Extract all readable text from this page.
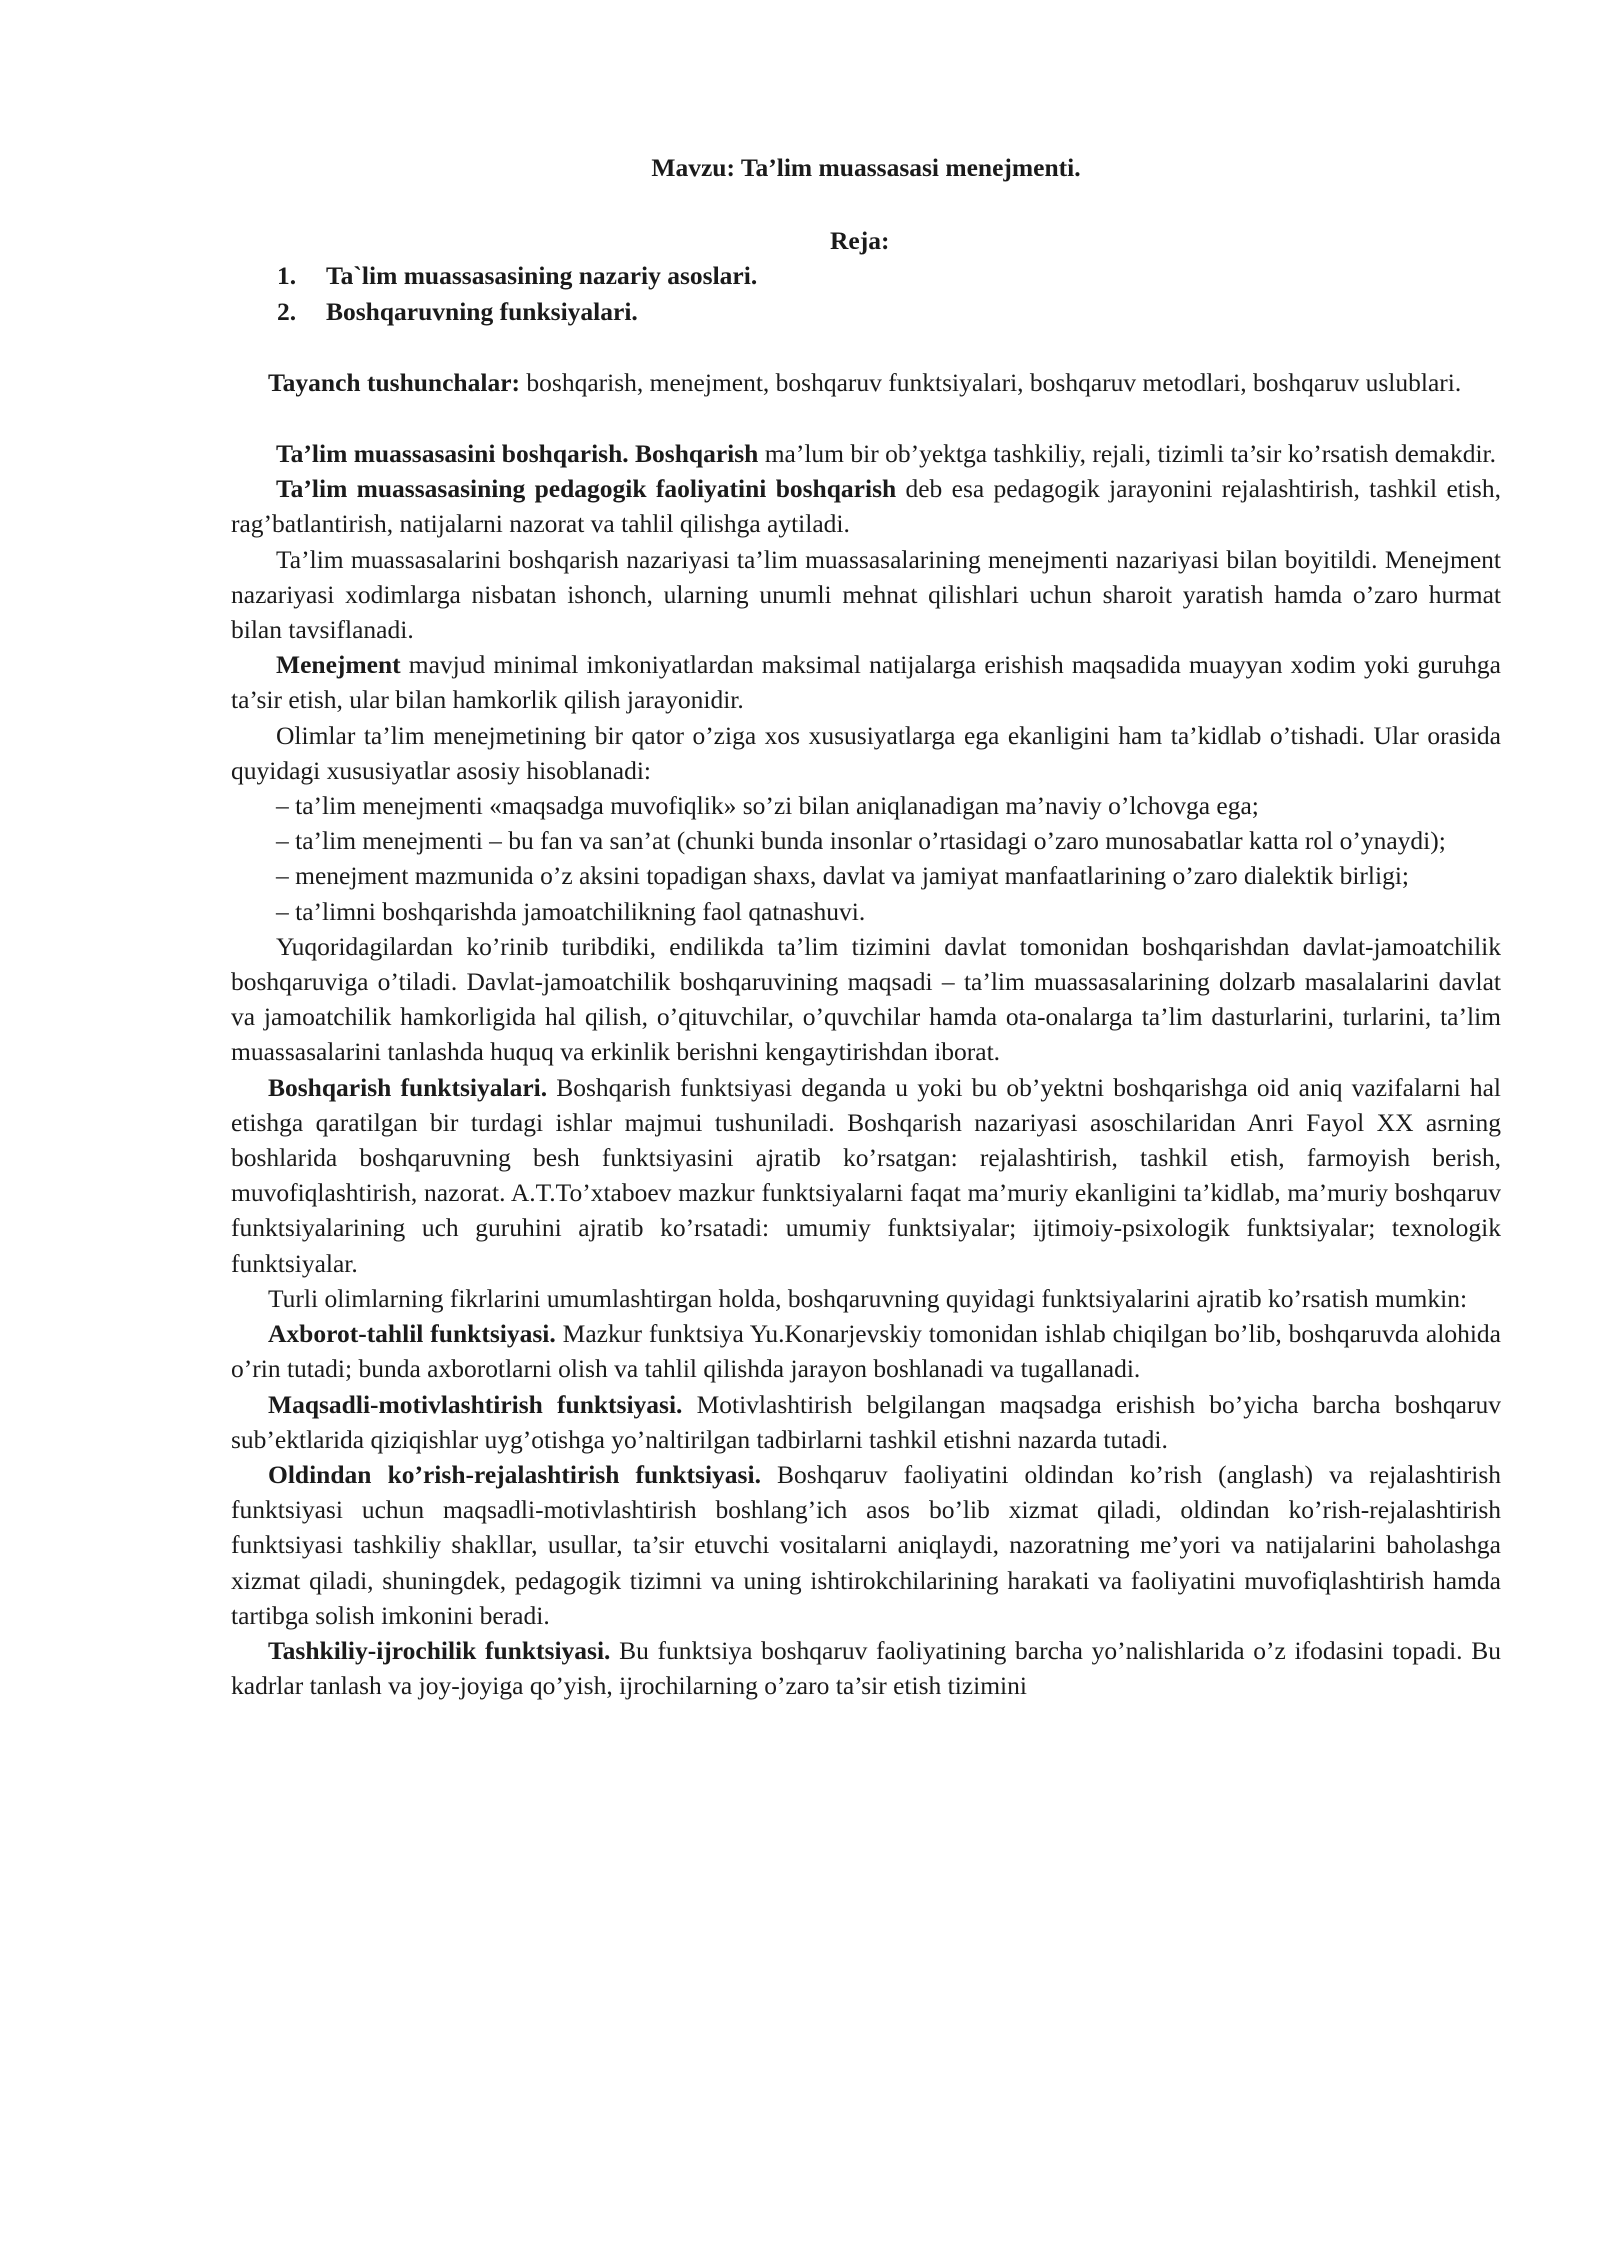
Mavzu: Ta’lim muassasasi menejmenti.

Reja:

1. Ta`lim muassasasining nazariy asoslari.
2. Boshqaruvning funksiyalari.

Tayanch tushunchalar: boshqarish, menejment, boshqaruv funktsiyalari, boshqaruv metodlari, boshqaruv uslublari.

Ta’lim muassasasini boshqarish. Boshqarish ma’lum bir ob’yektga tashkiliy, rejali, tizimli ta’sir ko’rsatish demakdir.

Ta’lim muassasasining pedagogik faoliyatini boshqarish deb esa pedagogik jarayonini rejalashtirish, tashkil etish, rag’batlantirish, natijalarni nazorat va tahlil qilishga aytiladi.

Ta’lim muassasalarini boshqarish nazariyasi ta’lim muassasalarining menejmenti nazariyasi bilan boyitildi. Menejment nazariyasi xodimlarga nisbatan ishonch, ularning unumli mehnat qilishlari uchun sharoit yaratish hamda o’zaro hurmat bilan tavsiflanadi.

Menejment mavjud minimal imkoniyatlardan maksimal natijalarga erishish maqsadida muayyan xodim yoki guruhga ta’sir etish, ular bilan hamkorlik qilish jarayonidir.

Olimlar ta’lim menejmetining bir qator o’ziga xos xususiyatlarga ega ekanligini ham ta’kidlab o’tishadi. Ular orasida quyidagi xususiyatlar asosiy hisoblanadi:

– ta’lim menejmenti «maqsadga muvofiqlik» so’zi bilan aniqlanadigan ma’naviy o’lchovga ega;

– ta’lim menejmenti – bu fan va san’at (chunki bunda insonlar o’rtasidagi o’zaro munosabatlar katta rol o’ynaydi);

– menejment mazmunida o’z aksini topadigan shaxs, davlat va jamiyat manfaatlarining o’zaro dialektik birligi;

– ta’limni boshqarishda jamoatchilikning faol qatnashuvi.

Yuqoridagilardan ko’rinib turibdiki, endilikda ta’lim tizimini davlat tomonidan boshqarishdan davlat-jamoatchilik boshqaruviga o’tiladi. Davlat-jamoatchilik boshqaruvining maqsadi – ta’lim muassasalarining dolzarb masalalarini davlat va jamoatchilik hamkorligida hal qilish, o’qituvchilar, o’quvchilar hamda ota-onalarga ta’lim dasturlarini, turlarini, ta’lim muassasalarini tanlashda huquq va erkinlik berishni kengaytirishdan iborat.

Boshqarish funktsiyalari. Boshqarish funktsiyasi deganda u yoki bu ob’yektni boshqarishga oid aniq vazifalarni hal etishga qaratilgan bir turdagi ishlar majmui tushuniladi. Boshqarish nazariyasi asoschilaridan Anri Fayol XX asrning boshlarida boshqaruvning besh funktsiyasini ajratib ko’rsatgan: rejalashtirish, tashkil etish, farmoyish berish, muvofiqlashtirish, nazorat. A.T.To’xtaboev mazkur funktsiyalarni faqat ma’muriy ekanligini ta’kidlab, ma’muriy boshqaruv funktsiyalarining uch guruhini ajratib ko’rsatadi: umumiy funktsiyalar; ijtimoiy-psixologik funktsiyalar; texnologik funktsiyalar.

Turli olimlarning fikrlarini umumlashtirgan holda, boshqaruvning quyidagi funktsiyalarini ajratib ko’rsatish mumkin:

Axborot-tahlil funktsiyasi. Mazkur funktsiya Yu.Konarjevskiy tomonidan ishlab chiqilgan bo’lib, boshqaruvda alohida o’rin tutadi; bunda axborotlarni olish va tahlil qilishda jarayon boshlanadi va tugallanadi.

Maqsadli-motivlashtirish funktsiyasi. Motivlashtirish belgilangan maqsadga erishish bo’yicha barcha boshqaruv sub’ektlarida qiziqishlar uyg’otishga yo’naltirilgan tadbirlarni tashkil etishni nazarda tutadi.

Oldindan ko’rish-rejalashtirish funktsiyasi. Boshqaruv faoliyatini oldindan ko’rish (anglash) va rejalashtirish funktsiyasi uchun maqsadli-motivlashtirish boshlang’ich asos bo’lib xizmat qiladi, oldindan ko’rish-rejalashtirish funktsiyasi tashkiliy shakllar, usullar, ta’sir etuvchi vositalarni aniqlaydi, nazoratning me’yori va natijalarini baholashga xizmat qiladi, shuningdek, pedagogik tizimni va uning ishtirokchilarining harakati va faoliyatini muvofiqlashtirish hamda tartibga solish imkonini beradi.

Tashkiliy-ijrochilik funktsiyasi. Bu funktsiya boshqaruv faoliyatining barcha yo’nalishlarida o’z ifodasini topadi. Bu kadrlar tanlash va joy-joyiga qo’yish, ijrochilarning o’zaro ta’sir etish tizimini
